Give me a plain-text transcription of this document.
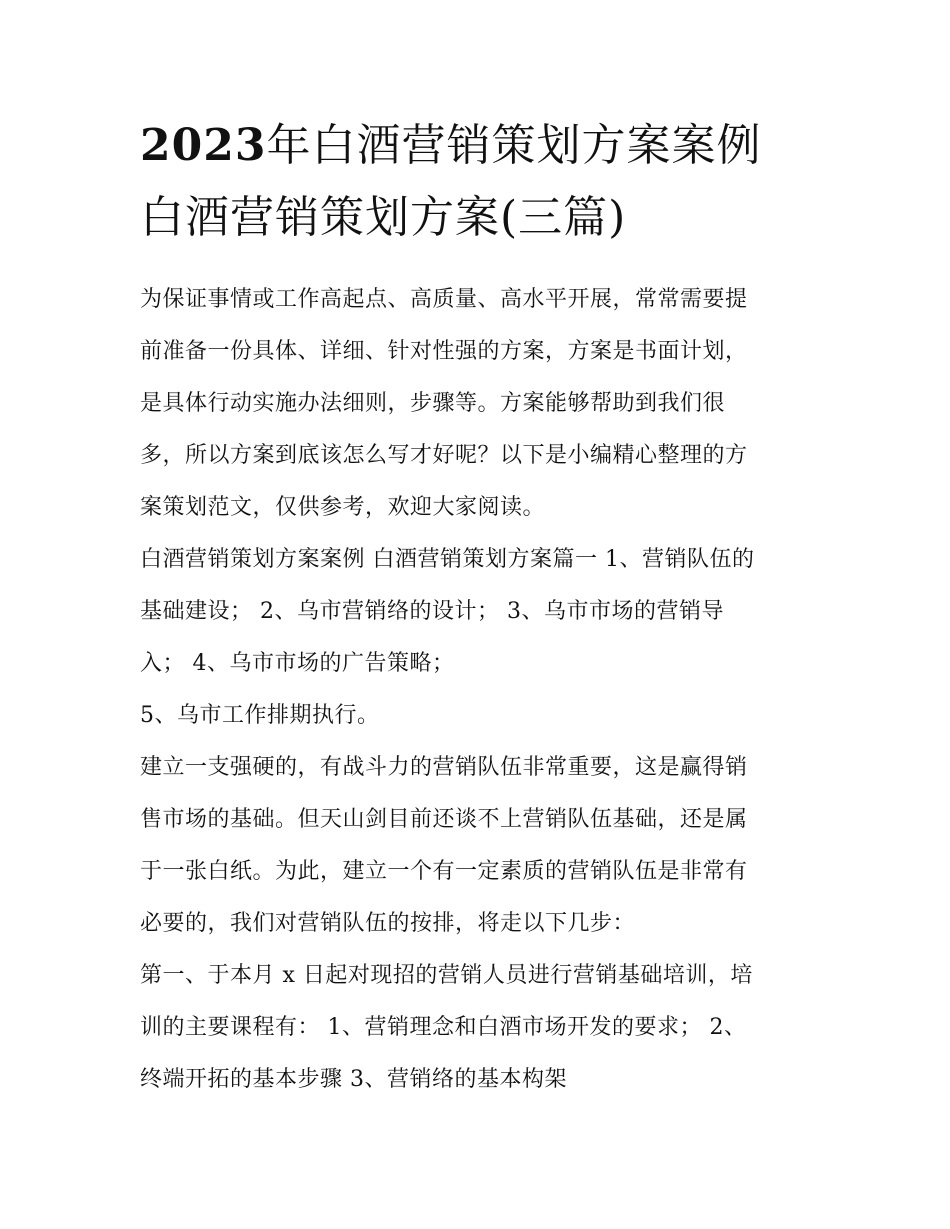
2023年白酒营销策划方案案例
白酒营销策划方案(三篇)

为保证事情或工作高起点、高质量、高水平开展，常常需要提
前准备一份具体、详细、针对性强的方案，方案是书面计划，
是具体行动实施办法细则，步骤等。方案能够帮助到我们很
多，所以方案到底该怎么写才好呢？以下是小编精心整理的方
案策划范文，仅供参考，欢迎大家阅读。

白酒营销策划方案案例 白酒营销策划方案篇一 1、营销队伍的
基础建设； 2、乌市营销络的设计； 3、乌市市场的营销导
入； 4、乌市市场的广告策略；

5、乌市工作排期执行。

建立一支强硬的，有战斗力的营销队伍非常重要，这是赢得销
售市场的基础。但天山剑目前还谈不上营销队伍基础，还是属
于一张白纸。为此，建立一个有一定素质的营销队伍是非常有
必要的，我们对营销队伍的按排，将走以下几步：

第一、于本月 x 日起对现招的营销人员进行营销基础培训，培
训的主要课程有： 1、营销理念和白酒市场开发的要求； 2、
终端开拓的基本步骤 3、营销络的基本构架
